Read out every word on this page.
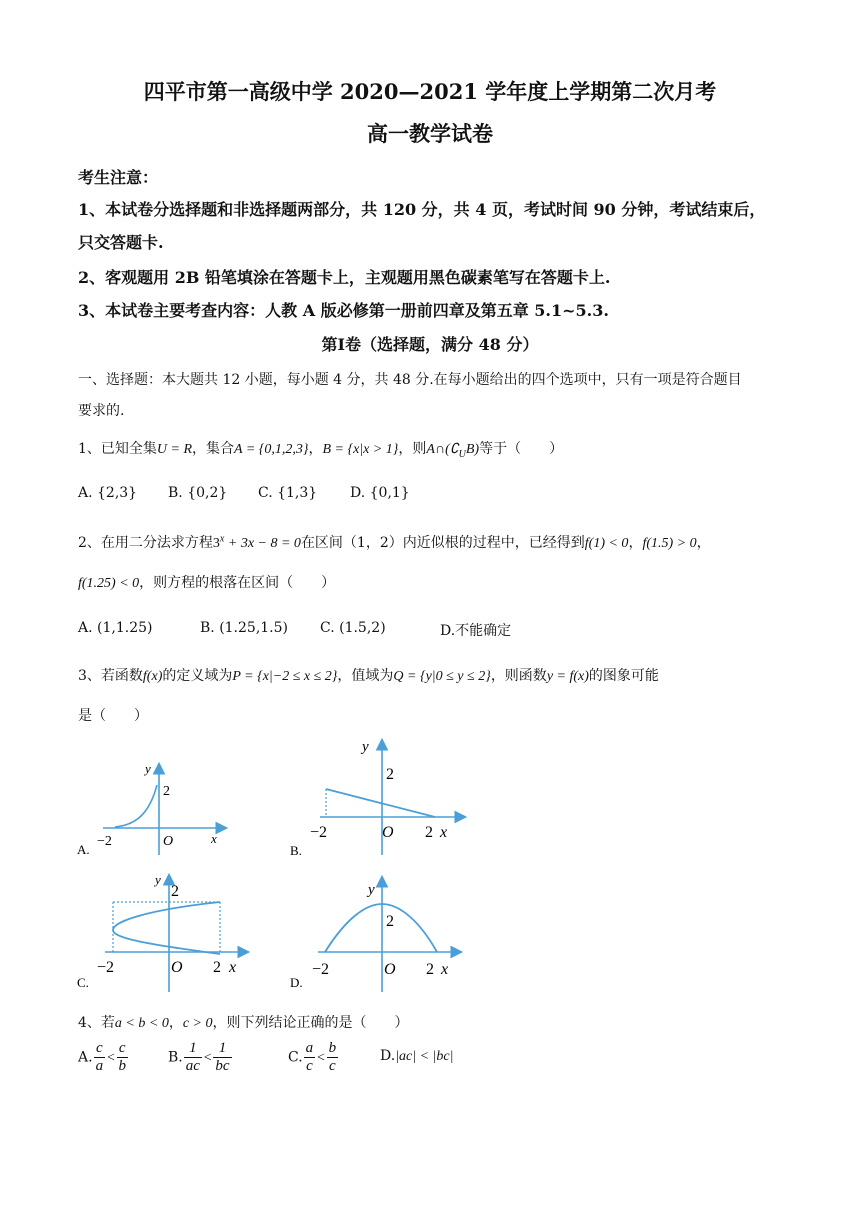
四平市第一高级中学 2020—2021 学年度上学期第二次月考
高一教学试卷
考生注意：
1、本试卷分选择题和非选择题两部分，共 120 分，共 4 页，考试时间 90 分钟，考试结束后，
只交答题卡.
2、客观题用 2B 铅笔填涂在答题卡上，主观题用黑色碳素笔写在答题卡上.
3、本试卷主要考查内容：人教 A 版必修第一册前四章及第五章 5.1~5.3.
第Ⅰ卷（选择题，满分 48 分）
一、选择题：本大题共 12 小题，每小题 4 分，共 48 分.在每小题给出的四个选项中，只有一项是符合题目
要求的.
1、已知全集U = R，集合A = {0,1,2,3}，B = {x|x > 1}，则$A\cap(∁_UB)$等于（　　）
A. {2,3} B. {0,2} C. {1,3} D. {0,1}
2、在用二分法求方程$3^x + 3x - 8 = 0$在区间（1，2）内近似根的过程中，已经得到f(1) < 0，f(1.5) > 0，
f(1.25) < 0，则方程的根落在区间（　　）
A. (1,1.25)	B. (1.25,1.5) C. (1.5,2)	D.不能确定
3、若函数f(x)的定义域为P = {x|−2 ≤ x ≤ 2}，值域为Q = {y|0 ≤ y ≤ 2}，则函数y = f(x)的图象可能
是（　　）
y
2
−2	O	x
A.
y
2
−2	O 2 x
B.
y
2
−2	O 2 x
C.
y
2
−2	O 2 x
D.
4、若a < b < 0，c > 0，则下列结论正确的是（　　）
A. $\frac{c}{a} < \frac{c}{b}$	B. $\frac{1}{ac} < \frac{1}{bc}$	C. $\frac{a}{c} < \frac{b}{c}$	D.|ac| < |bc|
